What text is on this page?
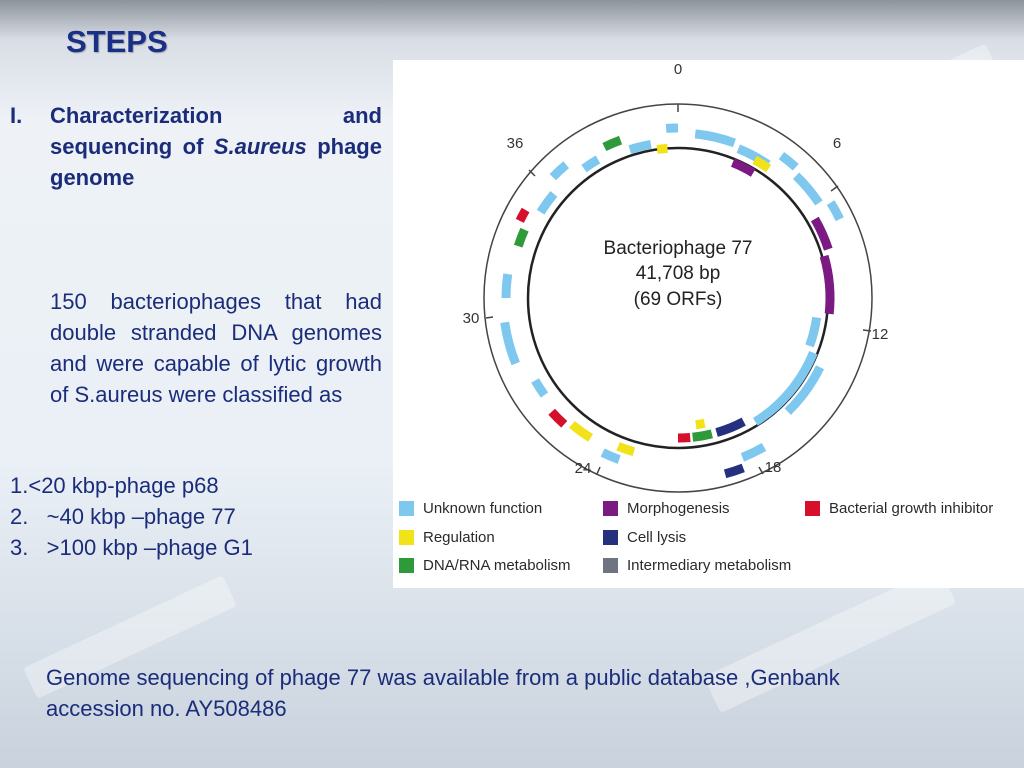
STEPS
I. Characterization and sequencing of S.aureus phage genome
150 bacteriophages that had double stranded DNA genomes and were capable of lytic growth of S.aureus were classified as
1.<20 kbp-phage p68
2.   ~40 kbp –phage 77
3.   >100 kbp –phage G1
Genome sequencing of phage 77 was available from a public database ,Genbank accession no. AY508486
0
6
12
18
24
30
36
Bacteriophage 77
41,708 bp
(69 ORFs)
Unknown function	Morphogenesis	Bacterial growth inhibitor
Regulation	Cell lysis
DNA/RNA metabolism	Intermediary metabolism
